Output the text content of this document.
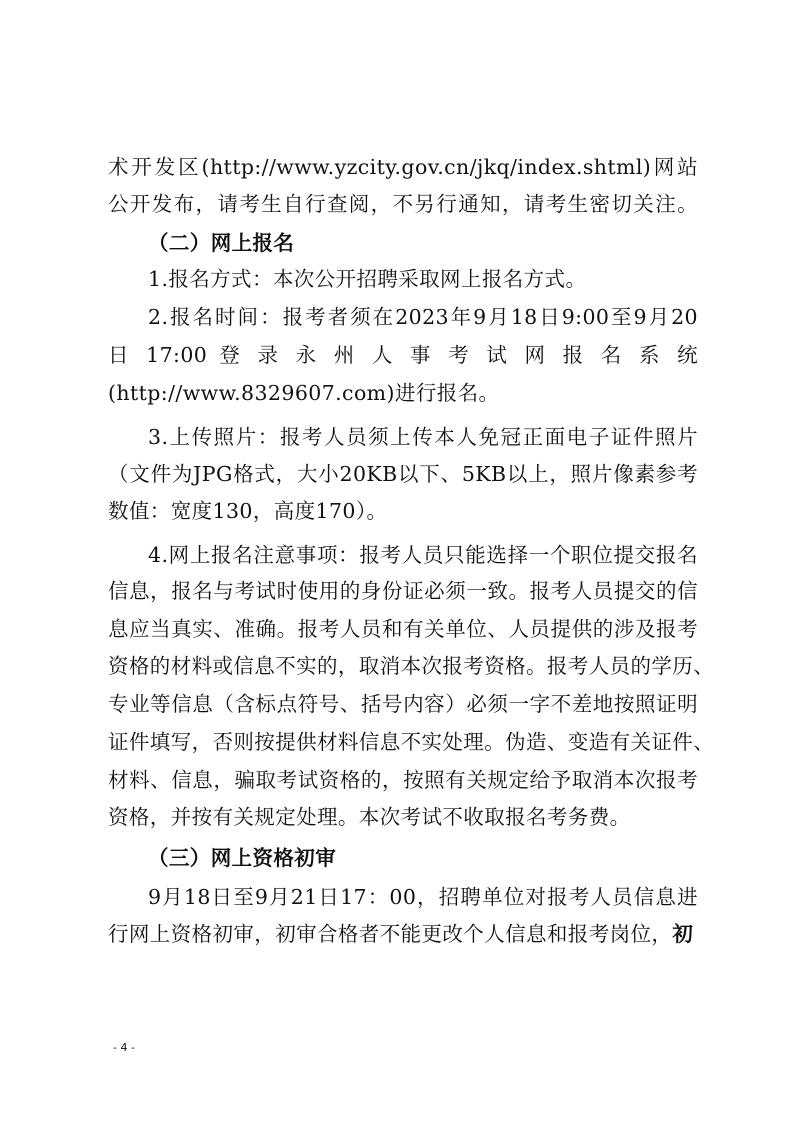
术开发区(http://www.yzcity.gov.cn/jkq/index.shtml)网站
公开发布，请考生自行查阅，不另行通知，请考生密切关注。
（二）网上报名
1.报名方式：本次公开招聘采取网上报名方式。
2.报名时间：报考者须在2023年9月18日9:00至9月20
日 17:00 登 录 永 州 人 事 考 试 网 报 名 系 统
(http://www.8329607.com)进行报名。
3.上传照片：报考人员须上传本人免冠正面电子证件照片
（文件为JPG格式，大小20KB以下、5KB以上，照片像素参考
数值：宽度130，高度170）。
4.网上报名注意事项：报考人员只能选择一个职位提交报名
信息，报名与考试时使用的身份证必须一致。报考人员提交的信
息应当真实、准确。报考人员和有关单位、人员提供的涉及报考
资格的材料或信息不实的，取消本次报考资格。报考人员的学历、
专业等信息（含标点符号、括号内容）必须一字不差地按照证明
证件填写，否则按提供材料信息不实处理。伪造、变造有关证件、
材料、信息，骗取考试资格的，按照有关规定给予取消本次报考
资格，并按有关规定处理。本次考试不收取报名考务费。
（三）网上资格初审
9月18日至9月21日17：00，招聘单位对报考人员信息进
行网上资格初审，初审合格者不能更改个人信息和报考岗位，初
- 4 -
